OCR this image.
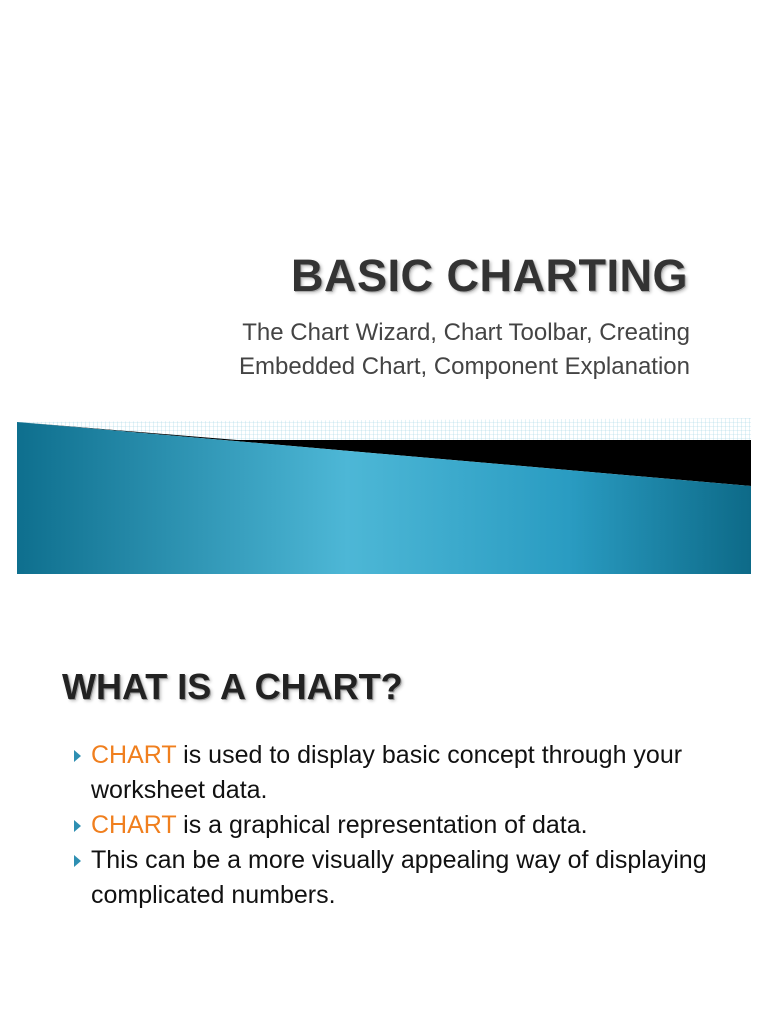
BASIC CHARTING
The Chart Wizard, Chart Toolbar, Creating
Embedded Chart, Component Explanation
WHAT IS A CHART?
CHART is used to display basic concept through your worksheet data.
CHART is a graphical representation of data.
This can be a more visually appealing way of displaying complicated numbers.
